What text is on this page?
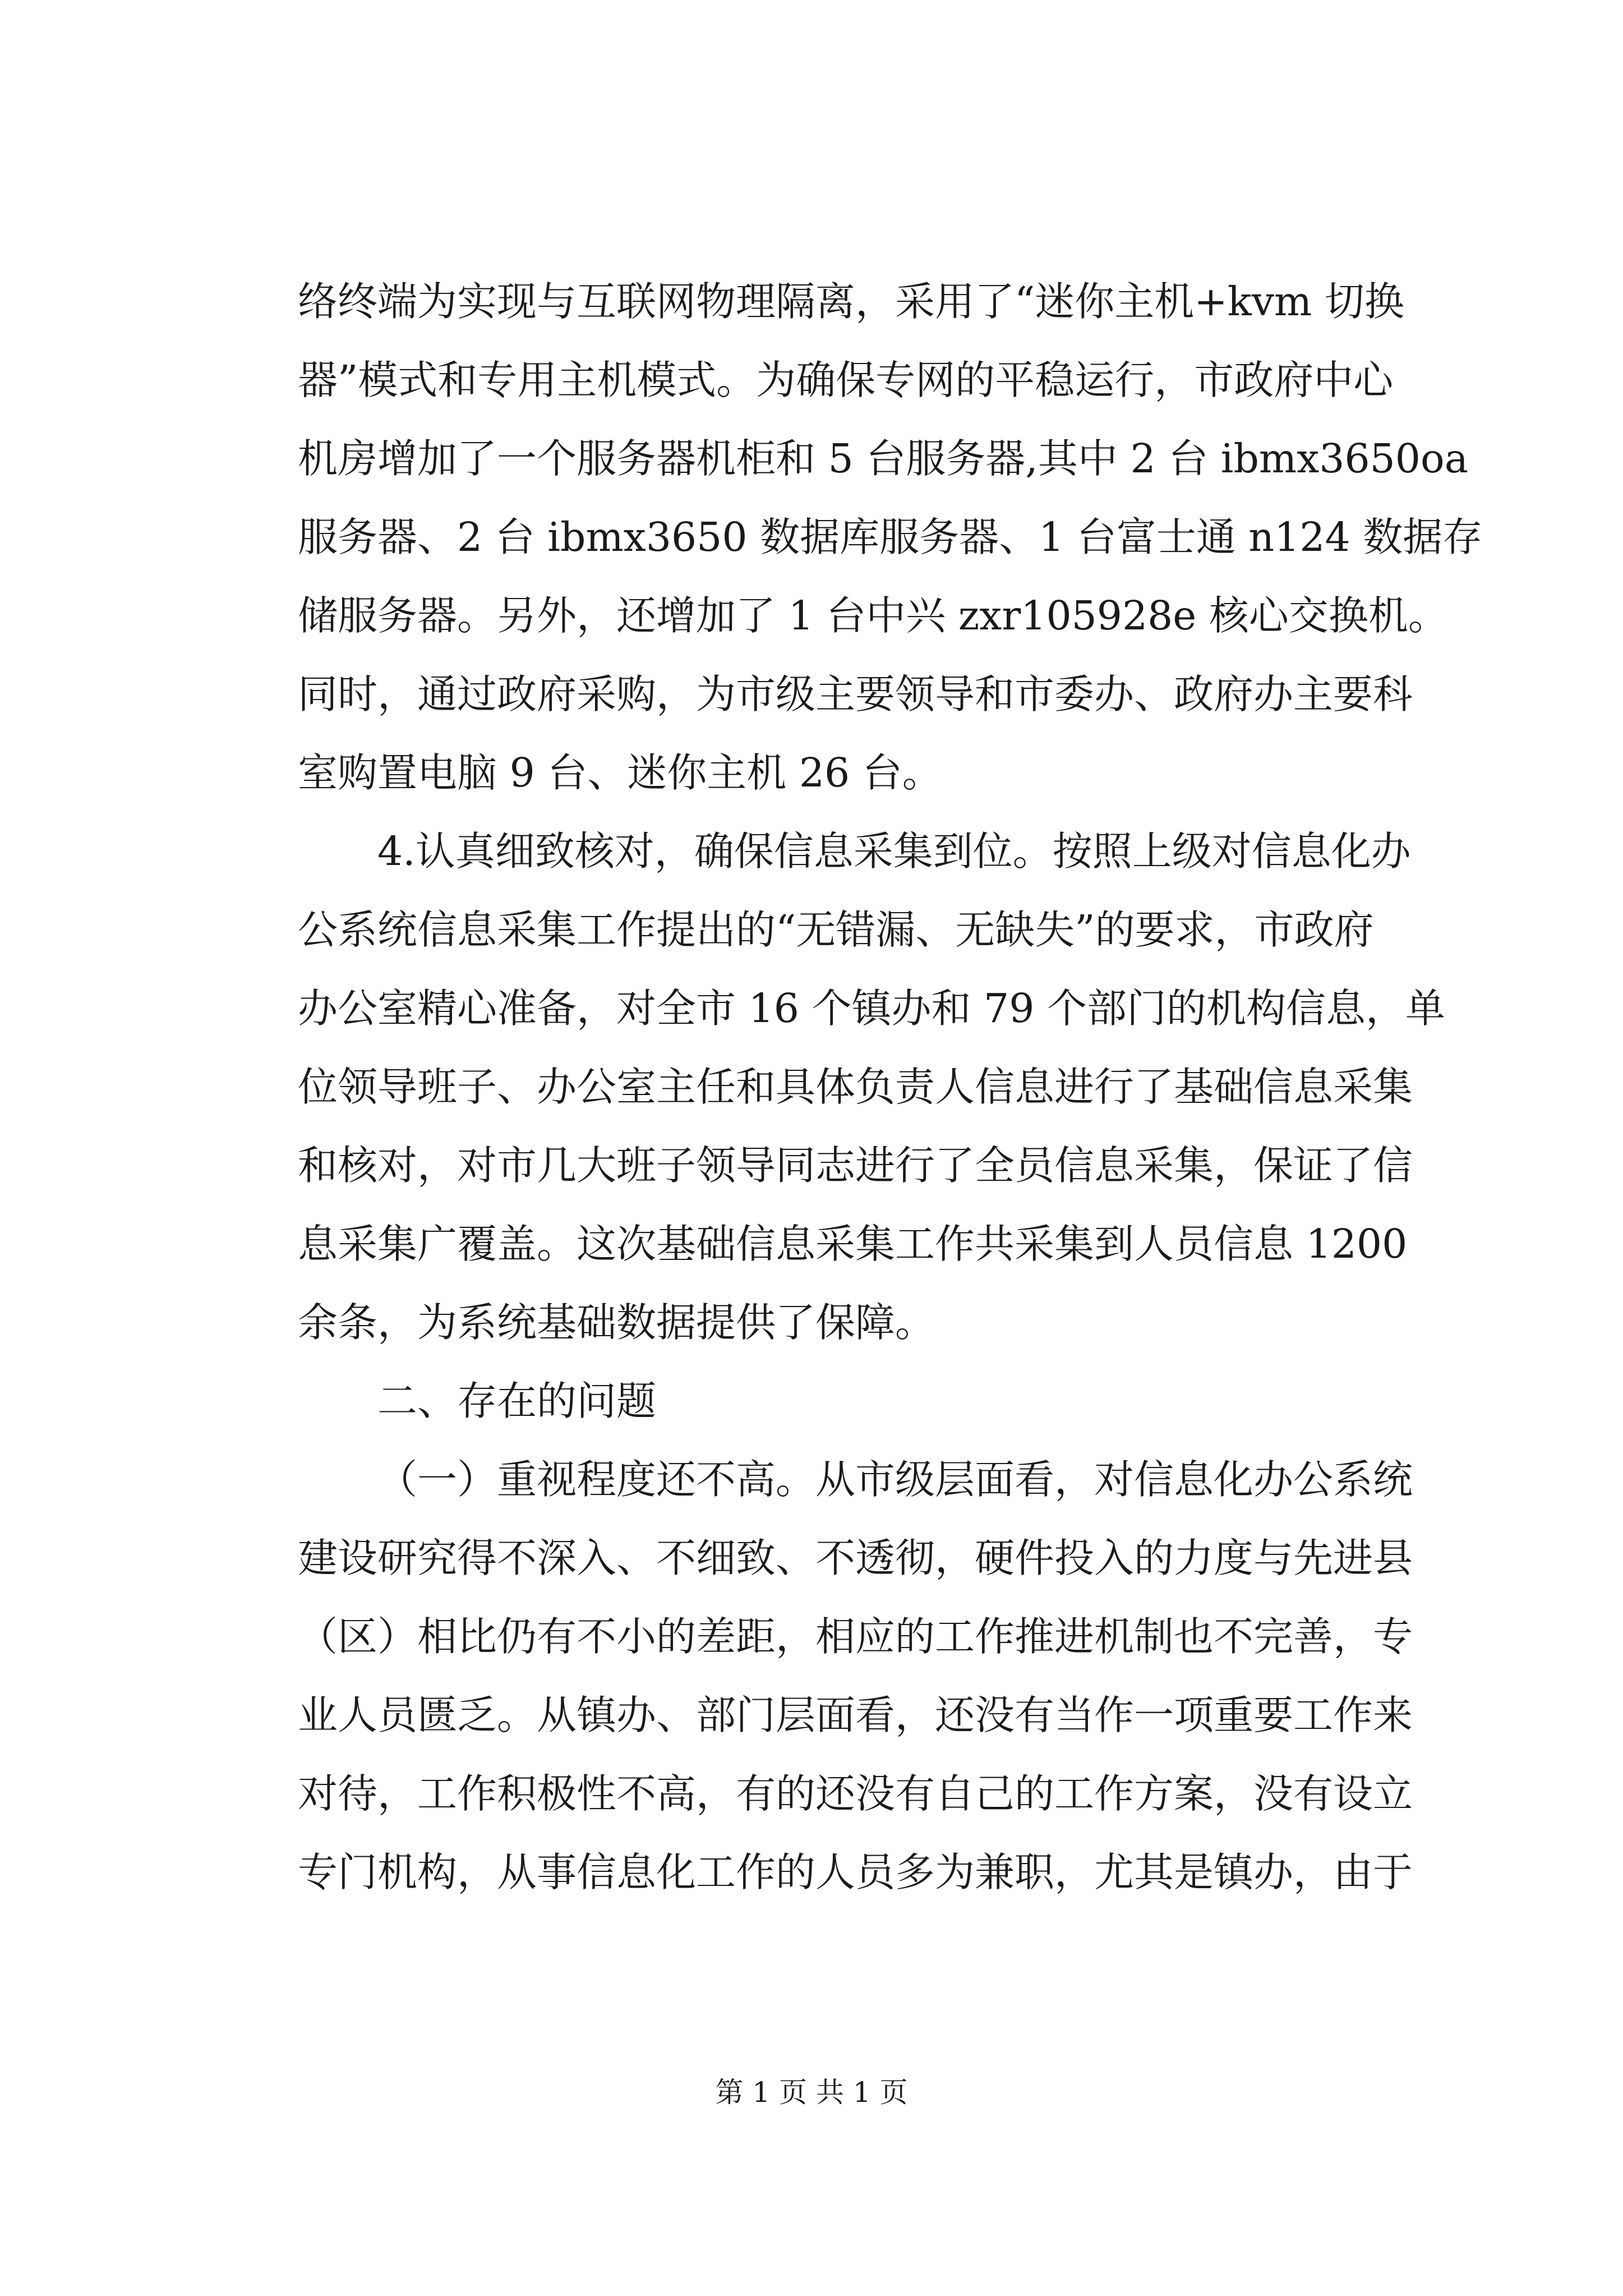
络终端为实现与互联网物理隔离，采用了“迷你主机+kvm 切换
器”模式和专用主机模式。为确保专网的平稳运行，市政府中心
机房增加了一个服务器机柜和 5 台服务器,其中 2 台 ibmx3650oa
服务器、2 台 ibmx3650 数据库服务器、1 台富士通 n124 数据存
储服务器。另外，还增加了 1 台中兴 zxr105928e 核心交换机。
同时，通过政府采购，为市级主要领导和市委办、政府办主要科
室购置电脑 9 台、迷你主机 26 台。
4.认真细致核对，确保信息采集到位。按照上级对信息化办
公系统信息采集工作提出的“无错漏、无缺失”的要求，市政府
办公室精心准备，对全市 16 个镇办和 79 个部门的机构信息，单
位领导班子、办公室主任和具体负责人信息进行了基础信息采集
和核对，对市几大班子领导同志进行了全员信息采集，保证了信
息采集广覆盖。这次基础信息采集工作共采集到人员信息 1200
余条，为系统基础数据提供了保障。
二、存在的问题
（一）重视程度还不高。从市级层面看，对信息化办公系统
建设研究得不深入、不细致、不透彻，硬件投入的力度与先进县
（区）相比仍有不小的差距，相应的工作推进机制也不完善，专
业人员匮乏。从镇办、部门层面看，还没有当作一项重要工作来
对待，工作积极性不高，有的还没有自己的工作方案，没有设立
专门机构，从事信息化工作的人员多为兼职，尤其是镇办，由于
第 1 页 共 1 页
